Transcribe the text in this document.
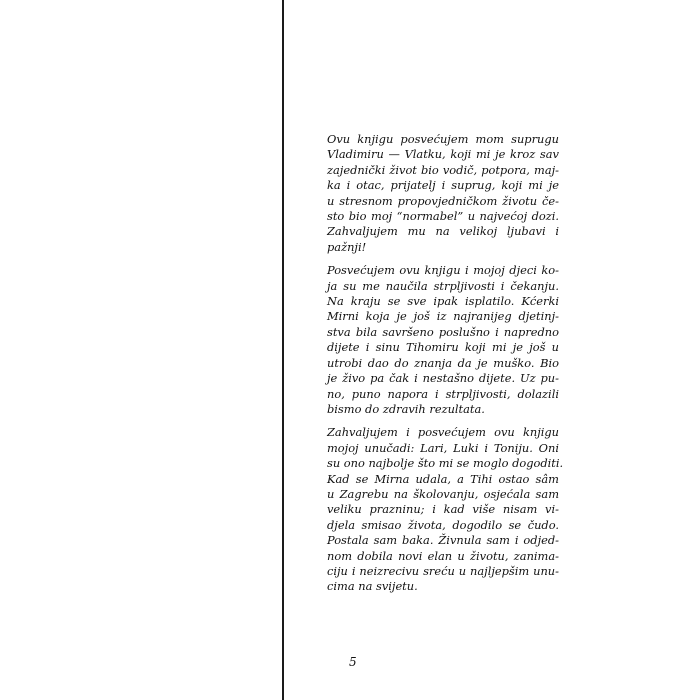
Ovu knjigu posvećujem mom suprugu
Vladimiru — Vlatku, koji mi je kroz sav
zajednički život bio vodič, potpora, maj-
ka i otac, prijatelj i suprug, koji mi je
u stresnom propovjedničkom životu če-
sto bio moj “normabel” u najvećoj dozi.
Zahvaljujem mu na velikoj ljubavi i
pažnji!

Posvećujem ovu knjigu i mojoj djeci ko-
ja su me naučila strpljivosti i čekanju.
Na kraju se sve ipak isplatilo. Kćerki
Mirni koja je još iz najranijeg djetinj-
stva bila savršeno poslušno i napredno
dijete i sinu Tihomiru koji mi je još u
utrobi dao do znanja da je muško. Bio
je živo pa čak i nestašno dijete. Uz pu-
no, puno napora i strpljivosti, dolazili
bismo do zdravih rezultata.

Zahvaljujem i posvećujem ovu knjigu
mojoj unučadi: Lari, Luki i Toniju. Oni
su ono najbolje što mi se moglo dogoditi.
Kad se Mirna udala, a Tihi ostao sâm
u Zagrebu na školovanju, osjećala sam
veliku prazninu; i kad više nisam vi-
djela smisao života, dogodilo se čudo.
Postala sam baka. Živnula sam i odjed-
nom dobila novi elan u životu, zanima-
ciju i neizrecivu sreću u najljepšim unu-
cima na svijetu.

5
